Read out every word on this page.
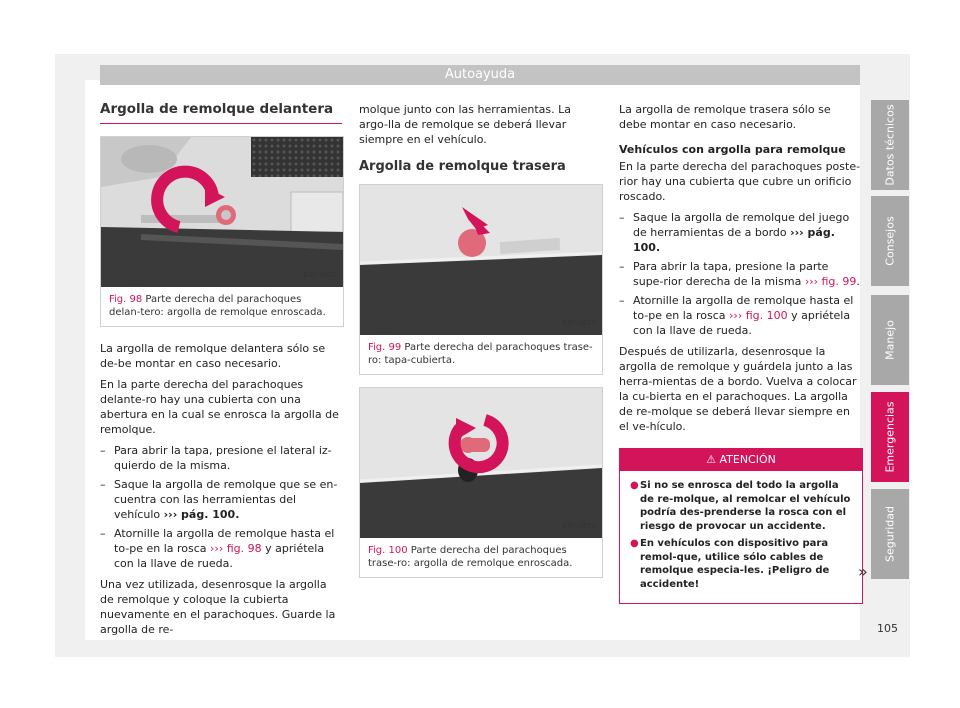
Autoayuda
Argolla de remolque delantera
B5F-0820
Fig. 98 Parte derecha del parachoques delan-tero: argolla de remolque enroscada.

La argolla de remolque delantera sólo se de-be montar en caso necesario.

En la parte derecha del parachoques delante-ro hay una cubierta con una abertura en la cual se enrosca la argolla de remolque.

– Para abrir la tapa, presione el lateral iz-quierdo de la misma.
– Saque la argolla de remolque que se en-cuentra con las herramientas del vehículo ››› pág. 100.
– Atornille la argolla de remolque hasta el to-pe en la rosca ››› fig. 98 y apriétela con la llave de rueda.

Una vez utilizada, desenrosque la argolla de remolque y coloque la cubierta nuevamente en el parachoques. Guarde la argolla de re-

molque junto con las herramientas. La argo-lla de remolque se deberá llevar siempre en el vehículo.

Argolla de remolque trasera
B5F-0822
Fig. 99 Parte derecha del parachoques trase-ro: tapa-cubierta.
B5F-0821
Fig. 100 Parte derecha del parachoques trase-ro: argolla de remolque enroscada.

La argolla de remolque trasera sólo se debe montar en caso necesario.

Vehículos con argolla para remolque

En la parte derecha del parachoques poste-rior hay una cubierta que cubre un orificio roscado.

– Saque la argolla de remolque del juego de herramientas de a bordo ››› pág. 100.
– Para abrir la tapa, presione la parte supe-rior derecha de la misma ››› fig. 99.
– Atornille la argolla de remolque hasta el to-pe en la rosca ››› fig. 100 y apriétela con la llave de rueda.

Después de utilizarla, desenrosque la argolla de remolque y guárdela junto a las herra-mientas de a bordo. Vuelva a colocar la cu-bierta en el parachoques. La argolla de re-molque se deberá llevar siempre en el ve-hículo.

⚠ ATENCIÓN
● Si no se enrosca del todo la argolla de re-molque, al remolcar el vehículo podría des-prenderse la rosca con el riesgo de provocar un accidente.
● En vehículos con dispositivo para remol-que, utilice sólo cables de remolque especia-les. ¡Peligro de accidente!
»
Datos técnicos
Consejos
Manejo
Emergencias
Seguridad
105
